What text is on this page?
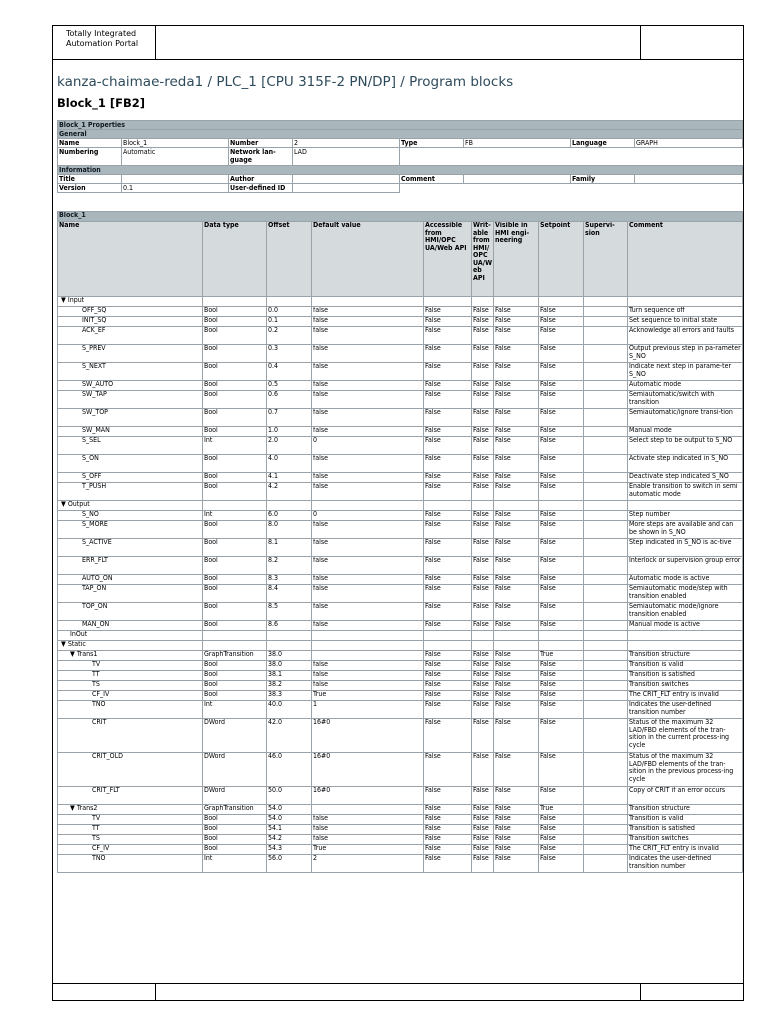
Totally Integrated
Automation Portal
kanza-chaimae-reda1 / PLC_1 [CPU 315F-2 PN/DP] / Program blocks
Block_1 [FB2]
Block_1 Properties							
General							
Name	Block_1	Number	2	Type	FB	Language	GRAPH
Numbering	Automatic	Network lan-guage	LAD				
Information							
Title		Author		Comment		Family	
Version	0.1	User-defined ID					
Block_1									
Name	Data type	Offset	Default value	Accessible from HMI/OPC UA/Web API	Writ-able from HMI/ OPC UA/W eb API	Visible in HMI engi-neering	Setpoint	Supervi-sion	Comment
▼ Input									
OFF_SQ	Bool	0.0	false	False	False	False	False		Turn sequence off
INIT_SQ	Bool	0.1	false	False	False	False	False		Set sequence to initial state
ACK_EF	Bool	0.2	false	False	False	False	False		Acknowledge all errors and faults
S_PREV	Bool	0.3	false	False	False	False	False		Output previous step in pa-rameter S_NO
S_NEXT	Bool	0.4	false	False	False	False	False		Indicate next step in parame-ter S_NO
SW_AUTO	Bool	0.5	false	False	False	False	False		Automatic mode
SW_TAP	Bool	0.6	false	False	False	False	False		Semiautomatic/switch with transition
SW_TOP	Bool	0.7	false	False	False	False	False		Semiautomatic/ignore transi-tion
SW_MAN	Bool	1.0	false	False	False	False	False		Manual mode
S_SEL	Int	2.0	0	False	False	False	False		Select step to be output to S_NO
S_ON	Bool	4.0	false	False	False	False	False		Activate step indicated in S_NO
S_OFF	Bool	4.1	false	False	False	False	False		Deactivate step indicated S_NO
T_PUSH	Bool	4.2	false	False	False	False	False		Enable transition to switch in semi automatic mode
▼ Output									
S_NO	Int	6.0	0	False	False	False	False		Step number
S_MORE	Bool	8.0	false	False	False	False	False		More steps are available and can be shown in S_NO
S_ACTIVE	Bool	8.1	false	False	False	False	False		Step indicated in S_NO is ac-tive
ERR_FLT	Bool	8.2	false	False	False	False	False		Interlock or supervision group error
AUTO_ON	Bool	8.3	false	False	False	False	False		Automatic mode is active
TAP_ON	Bool	8.4	false	False	False	False	False		Semiautomatic mode/step with transition enabled
TOP_ON	Bool	8.5	false	False	False	False	False		Semiautomatic mode/ignore transition enabled
MAN_ON	Bool	8.6	false	False	False	False	False		Manual mode is active
InOut									
▼ Static									
▼ Trans1	GraphTransition	38.0		False	False	False	True		Transition structure
TV	Bool	38.0	false	False	False	False	False		Transition is valid
TT	Bool	38.1	false	False	False	False	False		Transition is satisfied
TS	Bool	38.2	false	False	False	False	False		Transition switches
CF_IV	Bool	38.3	True	False	False	False	False		The CRIT_FLT entry is invalid
TNO	Int	40.0	1	False	False	False	False		Indicates the user-defined transition number
CRIT	DWord	42.0	16#0	False	False	False	False		Status of the maximum 32 LAD/FBD elements of the tran-sition in the current process-ing cycle
CRIT_OLD	DWord	46.0	16#0	False	False	False	False		Status of the maximum 32 LAD/FBD elements of the tran-sition in the previous process-ing cycle
CRIT_FLT	DWord	50.0	16#0	False	False	False	False		Copy of CRIT if an error occurs
▼ Trans2	GraphTransition	54.0		False	False	False	True		Transition structure
TV	Bool	54.0	false	False	False	False	False		Transition is valid
TT	Bool	54.1	false	False	False	False	False		Transition is satisfied
TS	Bool	54.2	false	False	False	False	False		Transition switches
CF_IV	Bool	54.3	True	False	False	False	False		The CRIT_FLT entry is invalid
TNO	Int	56.0	2	False	False	False	False		Indicates the user-defined transition number
